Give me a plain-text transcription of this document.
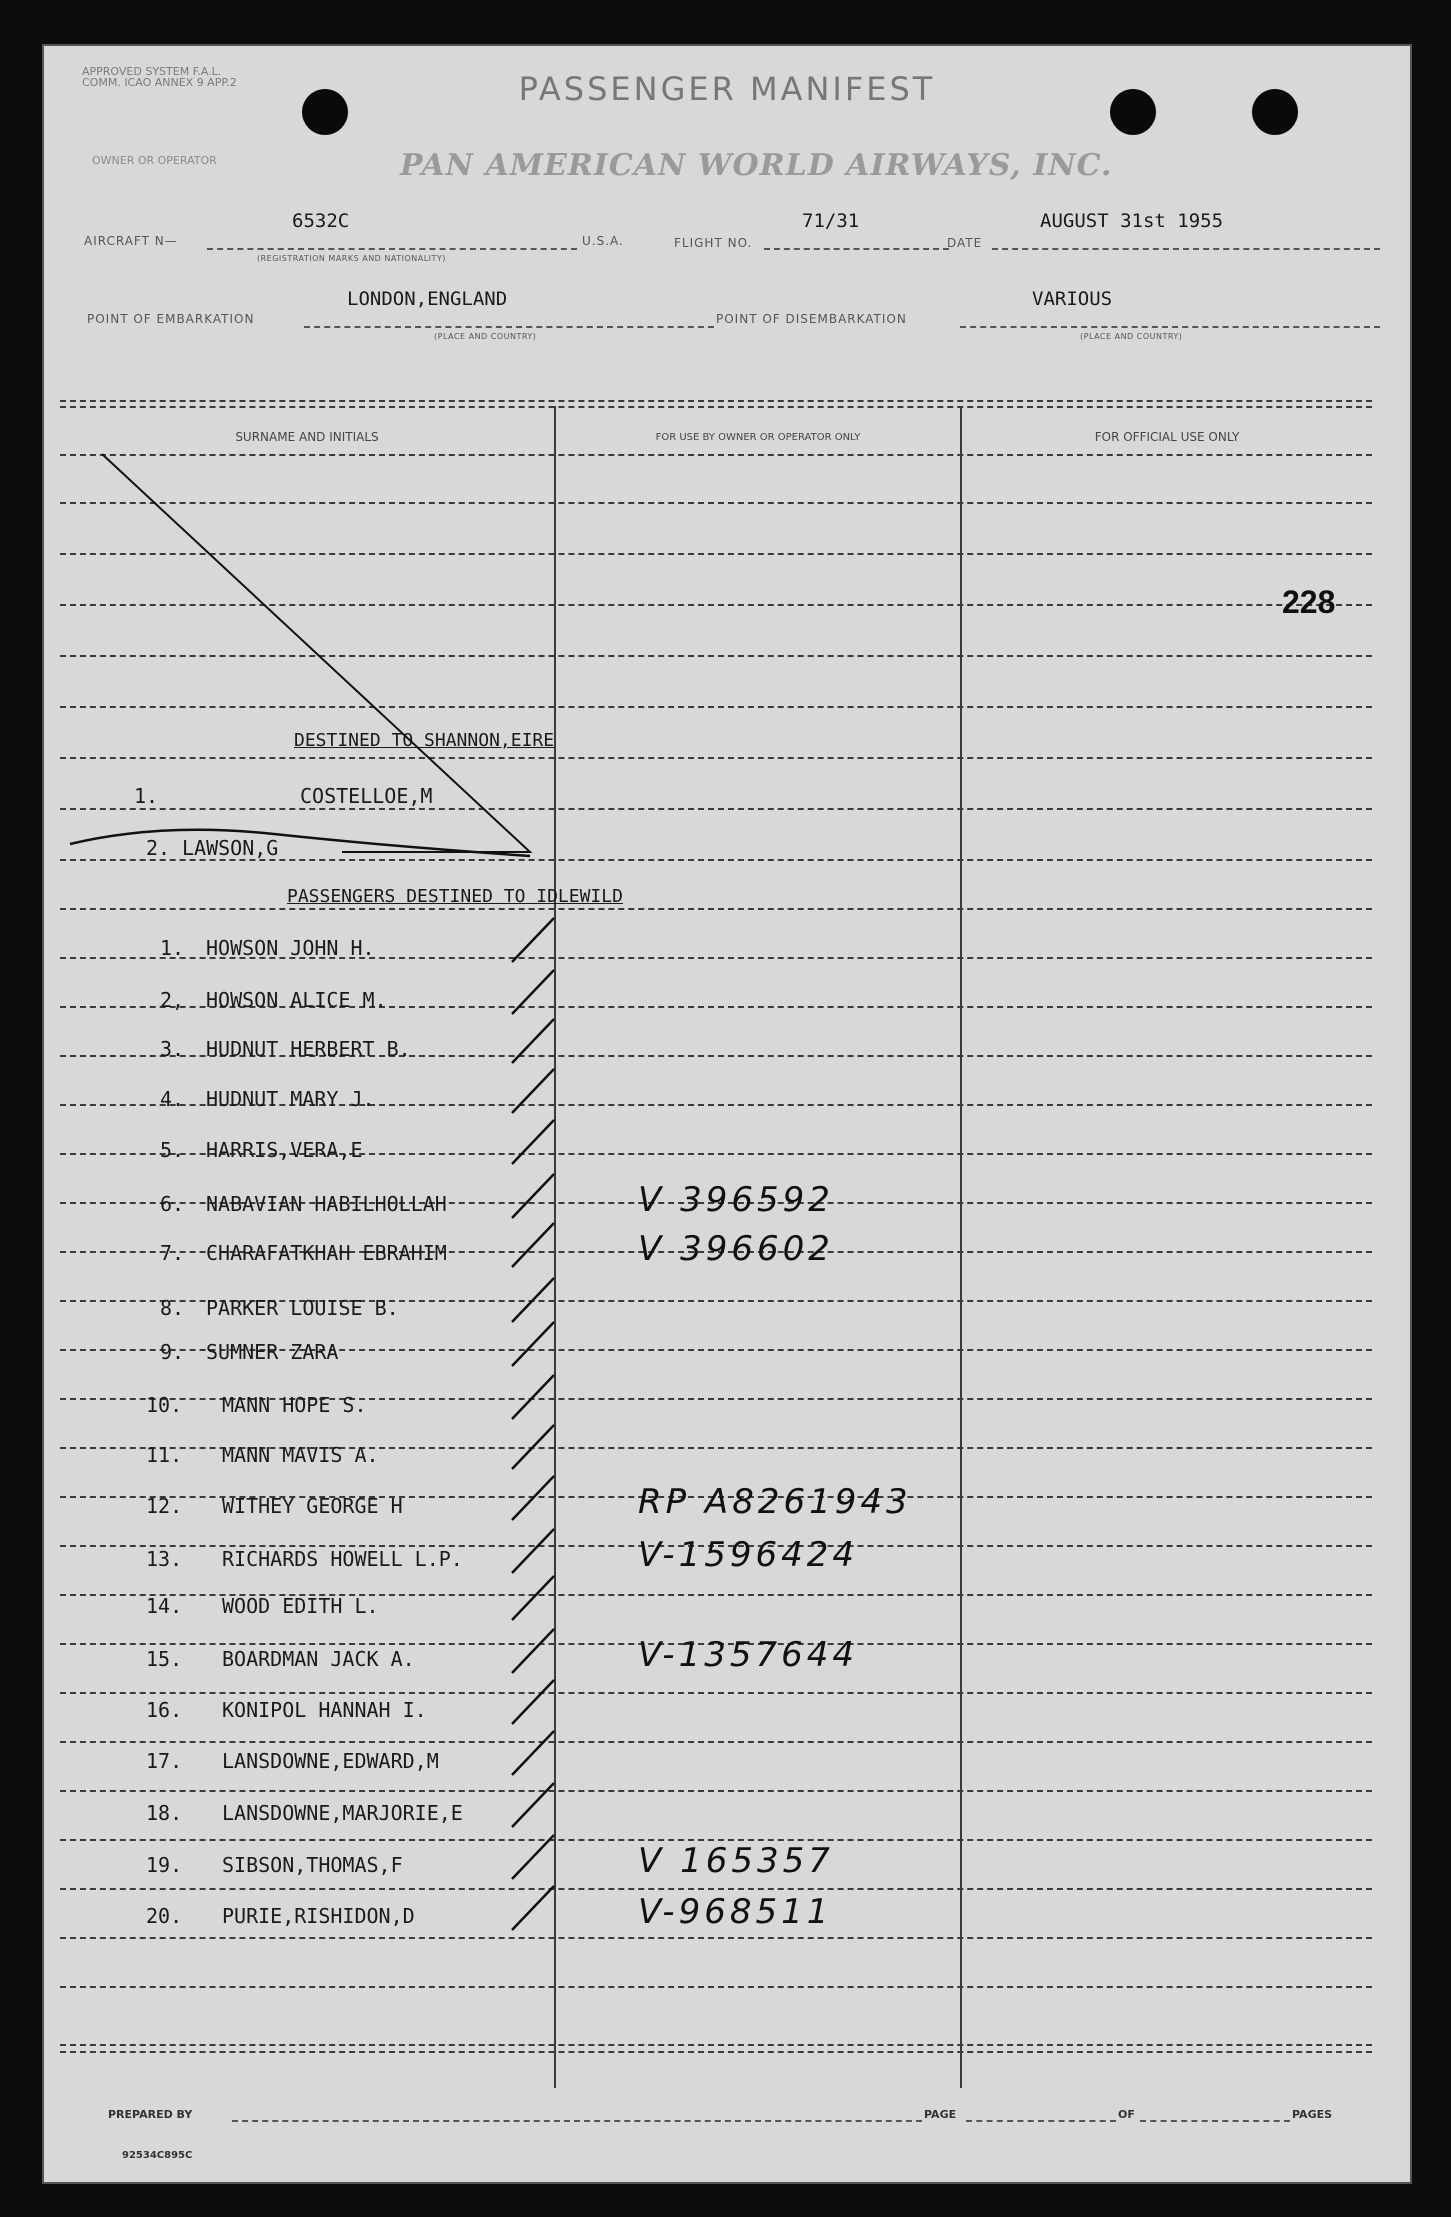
APPROVED SYSTEM F.A.L. COMM. ICAO ANNEX 9 APP.2	PASSENGER MANIFEST
OWNER OR OPERATOR	PAN AMERICAN WORLD AIRWAYS, INC.
AIRCRAFT N—
6532C
(REGISTRATION MARKS AND NATIONALITY)
U.S.A.	FLIGHT NO.
71/31
DATE
AUGUST 31st 1955
POINT OF EMBARKATION
LONDON,ENGLAND
(PLACE AND COUNTRY)
POINT OF DISEMBARKATION
VARIOUS
(PLACE AND COUNTRY)
SURNAME AND INITIALS	FOR USE BY OWNER OR OPERATOR ONLY	FOR OFFICIAL USE ONLY
228
DESTINED TO SHANNON,EIRE
1.	COSTELLOE,M
2. LAWSON,G
PASSENGERS DESTINED TO IDLEWILD
1. HOWSON JOHN H.
2, HOWSON ALICE M.
3. HUDNUT HERBERT B.
4. HUDNUT MARY J.
5. HARRIS,VERA,E
6. NABAVIAN HABILHOLLAH	V 396592
7. CHARAFATKHAH EBRAHIM	V 396602
8. PARKER LOUISE B.
9. SUMNER ZARA
10. MANN HOPE S.
11. MANN MAVIS A.
12. WITHEY GEORGE H	RP A8261943
13. RICHARDS HOWELL L.P.	V-1596424
14. WOOD EDITH L.
15. BOARDMAN JACK A.	V-1357644
16. KONIPOL HANNAH I.
17. LANSDOWNE,EDWARD,M
18. LANSDOWNE,MARJORIE,E
19. SIBSON,THOMAS,F	V 165357
20. PURIE,RISHIDON,D	V-968511
PREPARED BY	PAGE	OF	PAGES
92534C895C
